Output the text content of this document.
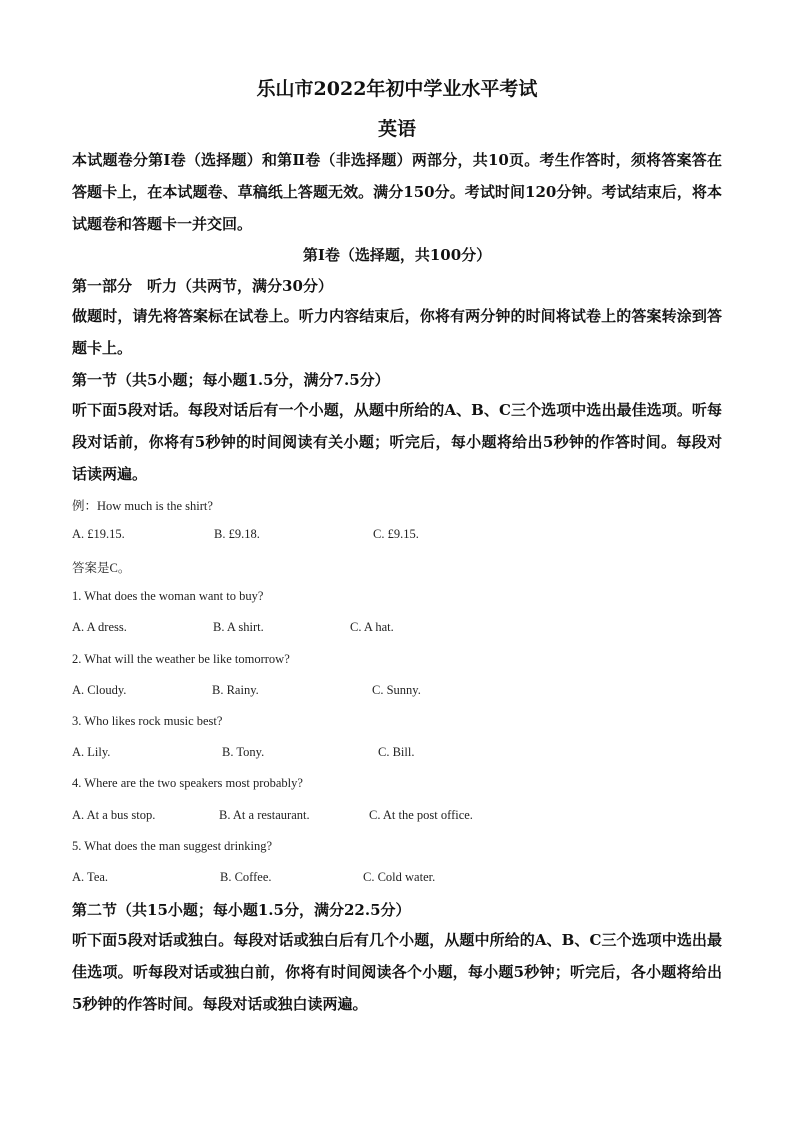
乐山市2022年初中学业水平考试
英语
本试题卷分第Ⅰ卷（选择题）和第Ⅱ卷（非选择题）两部分，共10页。考生作答时，须将答案答在答题卡上，在本试题卷、草稿纸上答题无效。满分150分。考试时间120分钟。考试结束后，将本试题卷和答题卡一并交回。
第Ⅰ卷（选择题，共100分）
第一部分　听力（共两节，满分30分）
做题时，请先将答案标在试卷上。听力内容结束后，你将有两分钟的时间将试卷上的答案转涂到答题卡上。
第一节（共5小题；每小题1.5分，满分7.5分）
听下面5段对话。每段对话后有一个小题，从题中所给的A、B、C三个选项中选出最佳选项。听每段对话前，你将有5秒钟的时间阅读有关小题；听完后，每小题将给出5秒钟的作答时间。每段对话读两遍。
例：How much is the shirt?
A. £19.15.	B. £9.18.	C. £9.15.
答案是C。
1. What does the woman want to buy?
A. A dress.	B. A shirt.	C. A hat.
2. What will the weather be like tomorrow?
A. Cloudy.	B. Rainy.	C. Sunny.
3. Who likes rock music best?
A. Lily.	B. Tony.	C. Bill.
4. Where are the two speakers most probably?
A. At a bus stop.	B. At a restaurant.	C. At the post office.
5. What does the man suggest drinking?
A. Tea.	B. Coffee.	C. Cold water.
第二节（共15小题；每小题1.5分，满分22.5分）
听下面5段对话或独白。每段对话或独白后有几个小题，从题中所给的A、B、C三个选项中选出最佳选项。听每段对话或独白前，你将有时间阅读各个小题，每小题5秒钟；听完后，各小题将给出5秒钟的作答时间。每段对话或独白读两遍。
